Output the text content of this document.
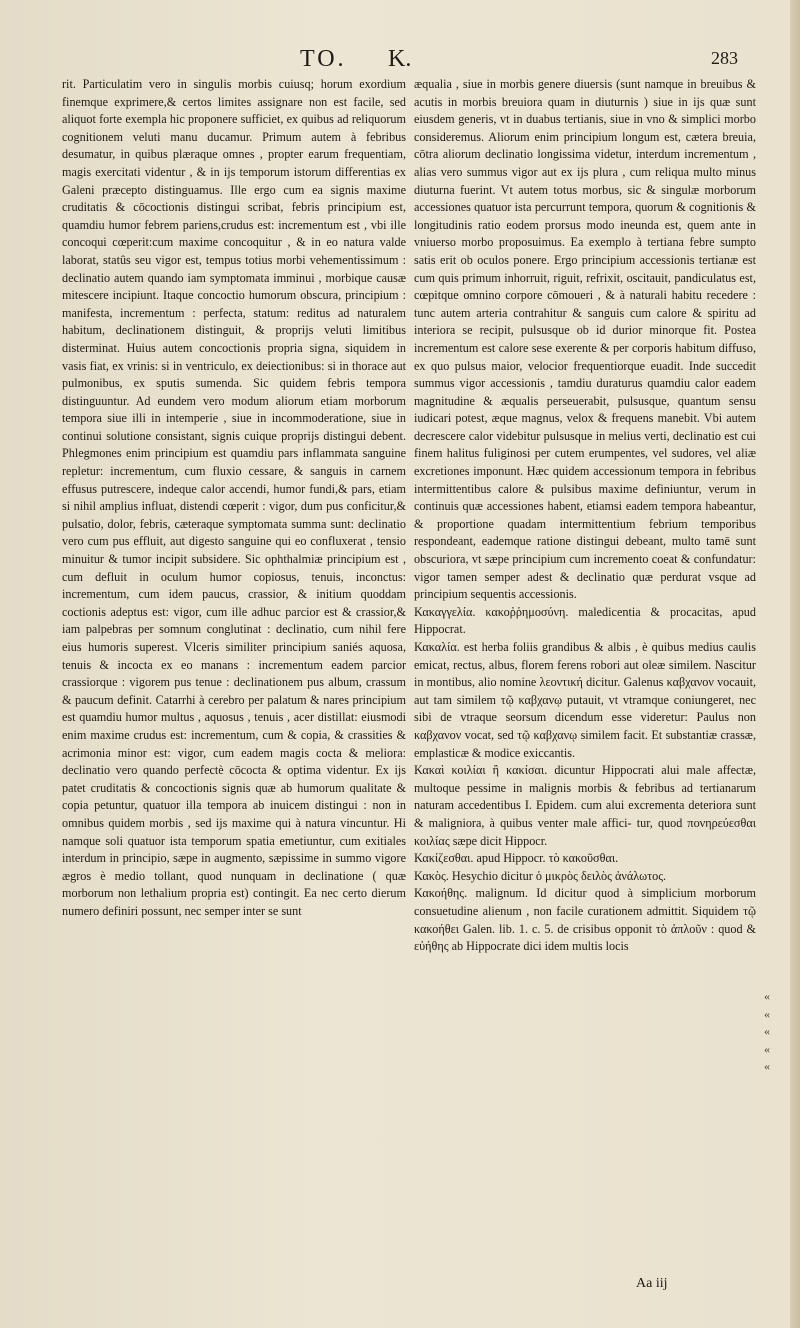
TO. K.	283

rit. Particulatim vero in singulis morbis cuiusq; horum exordium finemque exprimere,& certos limites assignare non est facile, sed aliquot forte exempla hic proponere sufficiet, ex quibus ad reliquorum cognitionem veluti manu ducamur. Primum autem à febribus desumatur, in quibus plæraque omnes , propter earum frequentiam, magis exercitati videntur , & in ijs temporum istorum differentias ex Galeni præcepto distinguamus. Ille ergo cum ea signis maxime cruditatis & cōcoctionis distingui scribat, febris principium est, quamdiu humor febrem pariens,crudus est: incrementum est , vbi ille concoqui cœperit:cum maxime concoquitur , & in eo natura valde laborat, statûs seu vigor est, tempus totius morbi vehementissimum : declinatio autem quando iam symptomata imminui , morbique causæ mitescere incipiunt. Itaque concoctio humorum obscura, principium : manifesta, incrementum : perfecta, statum: reditus ad naturalem habitum, declinationem distinguit, & proprijs veluti limitibus disterminat. Huius autem concoctionis propria signa, siquidem in vasis fiat, ex vrinis: si in ventriculo, ex deiectionibus: si in thorace aut pulmonibus, ex sputis sumenda. Sic quidem febris tempora distinguuntur. Ad eundem vero modum aliorum etiam morborum tempora siue illi in intemperie , siue in incommoderatione, siue in continui solutione consistant, signis cuique proprijs distingui debent. Phlegmones enim principium est quamdiu pars inflammata sanguine repletur: incrementum, cum fluxio cessare, & sanguis in carnem effusus putrescere, indeque calor accendi, humor fundi,& pars, etiam si nihil amplius influat, distendi cœperit : vigor, dum pus conficitur,& pulsatio, dolor, febris, cæteraque symptomata summa sunt: declinatio vero cum pus effluit, aut digesto sanguine qui eo confluxerat , tensio minuitur & tumor incipit subsidere. Sic ophthalmiæ principium est , cum defluit in oculum humor copiosus, tenuis, inconctus: incrementum, cum idem paucus, crassior, & initium quoddam coctionis adeptus est: vigor, cum ille adhuc parcior est & crassior,& iam palpebras per somnum conglutinat : declinatio, cum nihil fere eius humoris superest. Vlceris similiter principium saniés aquosa, tenuis & incocta ex eo manans : incrementum eadem parcior crassiorque : vigorem pus tenue : declinationem pus album, crassum & paucum definit. Catarrhi à cerebro per palatum & nares principium est quamdiu humor multus , aquosus , tenuis , acer distillat: eiusmodi enim maxime crudus est: incrementum, cum & copia, & crassities & acrimonia minor est: vigor, cum eadem magis cocta & meliora: declinatio vero quando perfectè cōcocta & optima videntur. Ex ijs patet cruditatis & concoctionis signis quæ ab humorum qualitate & copia petuntur, quatuor illa tempora ab inuicem distingui : non in omnibus quidem morbis , sed ijs maxime qui à natura vincuntur. Hi namque soli quatuor ista temporum spatia emetiuntur, cum exitiales interdum in principio, sæpe in augmento, sæpissime in summo vigore ægros è medio tollant, quod nunquam in declinatione ( quæ morborum non lethalium propria est) contingit. Ea nec certo dierum numero definiri possunt, nec semper inter se sunt

æqualia , siue in morbis genere diuersis (sunt namque in breuibus & acutis in morbis breuiora quam in diuturnis ) siue in ijs quæ sunt eiusdem generis, vt in duabus tertianis, siue in vno & simplici morbo consideremus. Aliorum enim principium longum est, cætera breuia, cōtra aliorum declinatio longissima videtur, interdum incrementum , alias vero summus vigor aut ex ijs plura , cum reliqua multo minus diuturna fuerint. Vt autem totus morbus, sic & singulæ morborum accessiones quatuor ista percurrunt tempora, quorum & cognitionis & longitudinis ratio eodem prorsus modo ineunda est, quem ante in vniuerso morbo proposuimus. Ea exemplo à tertiana febre sumpto satis erit ob oculos ponere. Ergo principium accessionis tertianæ est cum quis primum inhorruit, riguit, refrixit, oscitauit, pandiculatus est, cœpitque omnino corpore cōmoueri , & à naturali habitu recedere : tunc autem arteria contrahitur & sanguis cum calore & spiritu ad interiora se recipit, pulsusque ob id durior minorque fit. Postea incrementum est calore sese exerente & per corporis habitum diffuso, ex quo pulsus maior, velocior frequentiorque euadit. Inde succedit summus vigor accessionis , tamdiu duraturus quamdiu calor eadem magnitudine & æqualis perseuerabit, pulsusque, quantum sensu iudicari potest, æque magnus, velox & frequens manebit. Vbi autem decrescere calor videbitur pulsusque in melius verti, declinatio est cui finem halitus fuliginosi per cutem erumpentes, vel sudores, vel aliæ excretiones imponunt. Hæc quidem accessionum tempora in febribus intermittentibus calore & pulsibus maxime definiuntur, verum in continuis quæ accessiones habent, etiamsi eadem tempora habeantur, & proportione quadam intermittentium febrium temporibus respondeant, eademque ratione distingui debeant, multo tamē sunt obscuriora, vt sæpe principium cum incremento coeat & confundatur: vigor tamen semper adest & declinatio quæ perdurat vsque ad principium sequentis accessionis.

Κακαγγελία. κακοῤῥημοσύνη. maledicentia & procacitas, apud Hippocrat.

Κακαλία. est herba foliis grandibus & albis , è quibus medius caulis emicat, rectus, albus, florem ferens robori aut oleæ similem. Nascitur in montibus, alio nomine λεοντική dicitur. Galenus καβχανον vocauit, aut tam similem τῷ καβχανῳ putauit, vt vtramque coniungeret, nec sibi de vtraque seorsum dicendum esse videretur: Paulus non καβχανον vocat, sed τῷ καβχανῳ similem facit. Et substantiæ crassæ, emplasticæ & modice exiccantis.

Κακαὶ κοιλίαι ἢ κακίσαι. dicuntur Hippocrati alui male affectæ, multoque pessime in malignis morbis & febribus ad tertianarum naturam accedentibus I. Epidem. cum alui excrementa deteriora sunt & maligniora, à quibus venter male affici- tur, quod πονηρεύεσθαι κοιλίας sæpe dicit Hippocr.

Κακίζεσθαι. apud Hippocr. τὸ κακοῦσθαι.

Κακὸς. Hesychio dicitur ὁ μικρὸς δειλὸς ἀνάλωτος.

Κακοήθης. malignum. Id dicitur quod à simplicium morborum consuetudine alienum , non facile curationem admittit. Siquidem τῷ κακοήθει Galen. lib. 1. c. 5. de crisibus opponit τὸ ἀπλοῦν : quod & εὐήθης ab Hippocrate dici idem multis locis

«
«
«
«
«
Aa iij
